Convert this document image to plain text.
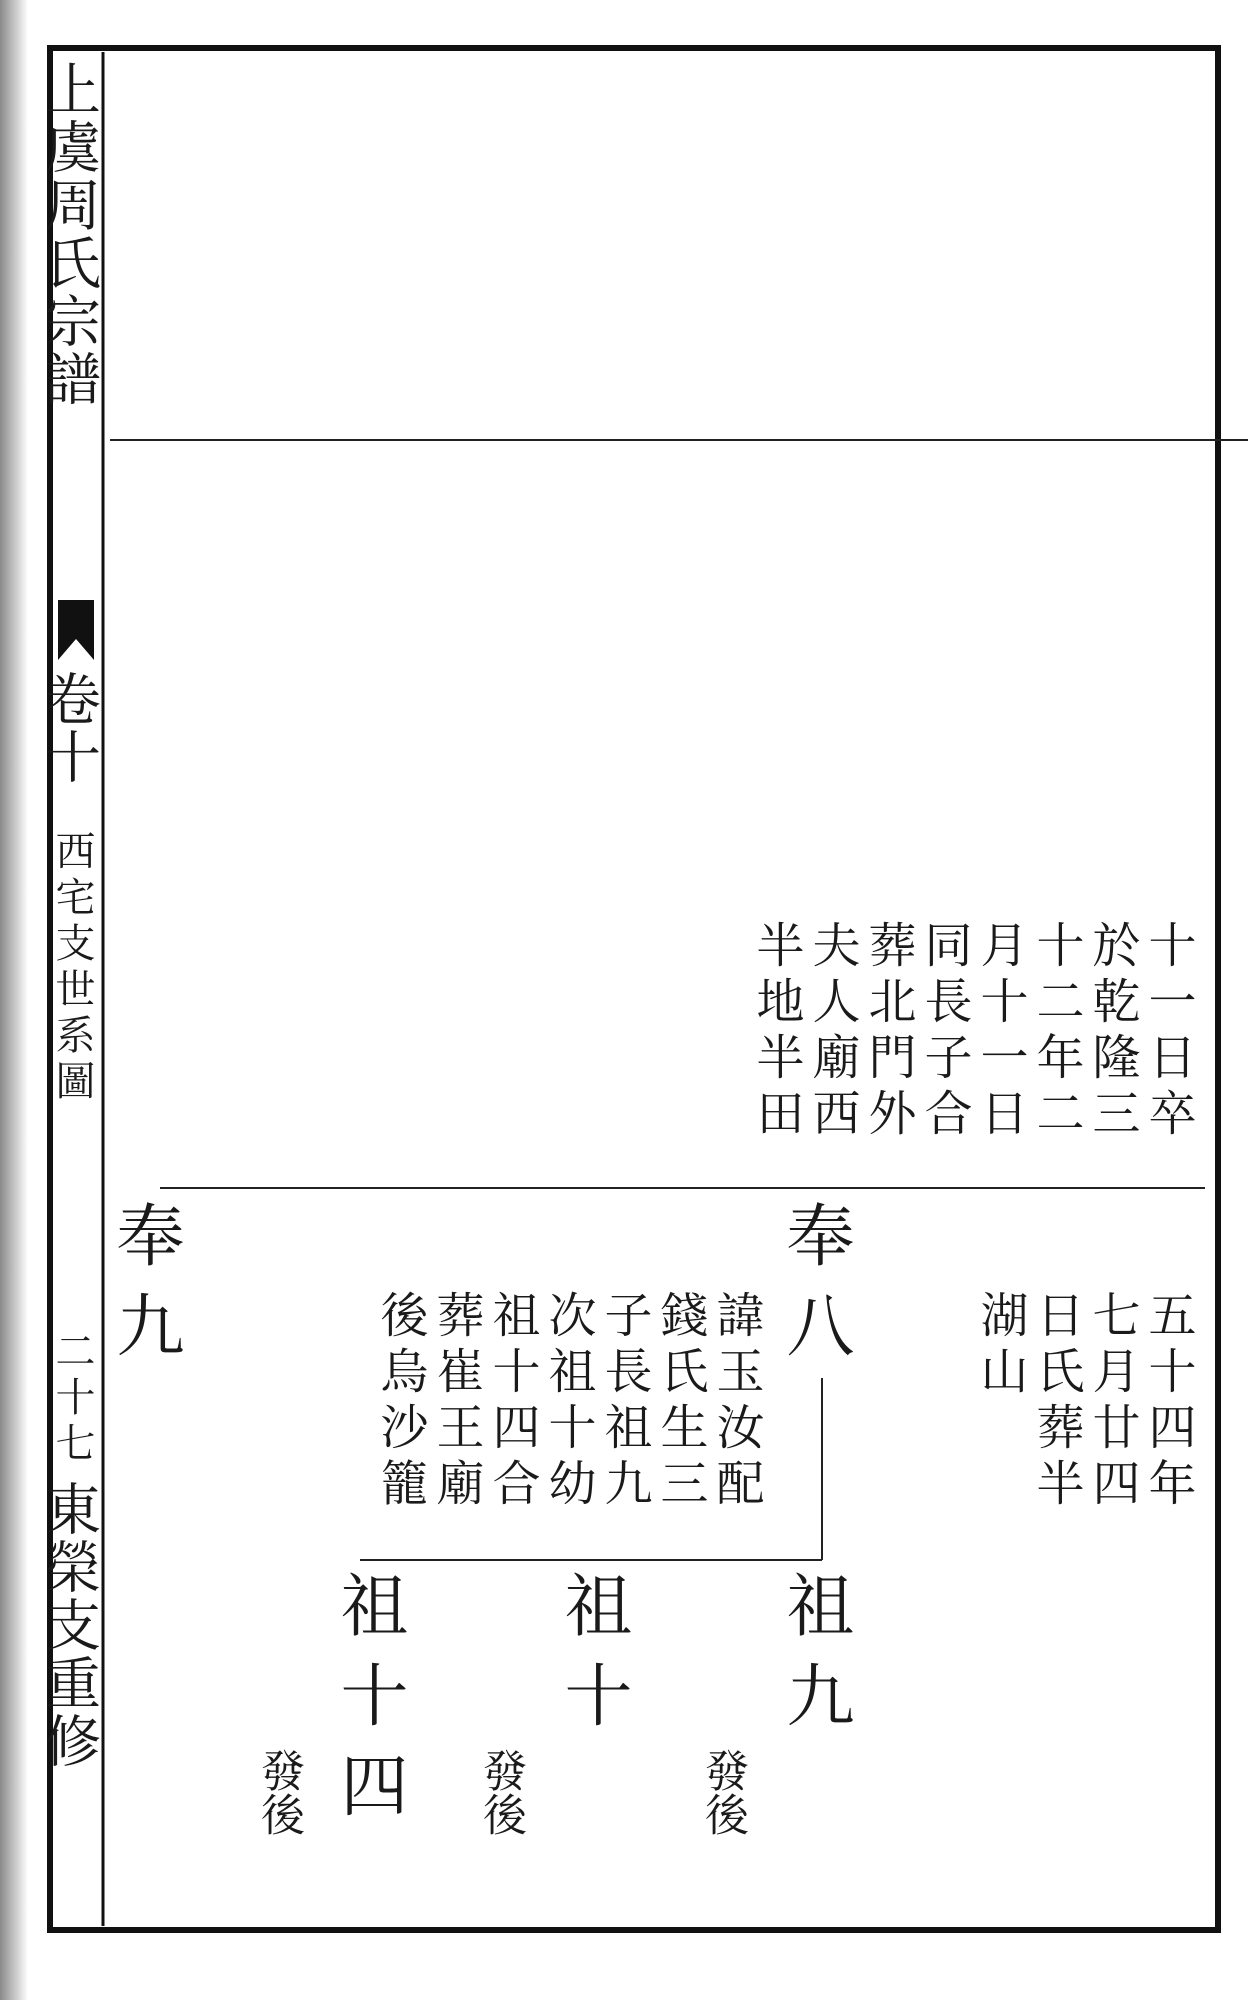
上虞周氏宗譜
卷十
西宅支世系圖
二十七
東榮支重修
十一日卒
於乾隆三
十二年二
月十一日
同長子合
葬北門外
夫人廟西
半地半田
五十四年
七月廿四
日氏葬半
湖山
奉八
奉九	諱玉汝配
錢氏生三
子長祖九
次祖十幼
祖十四合
葬崔王廟
後烏沙籠
祖九
祖十
祖十四	發後
發後
發後
